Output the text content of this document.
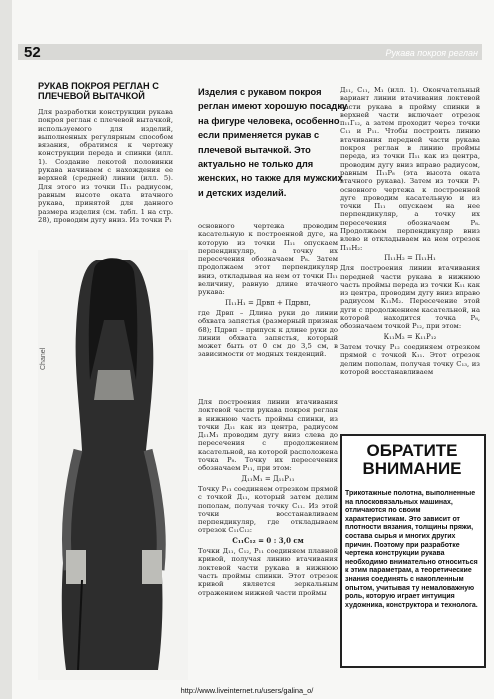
52	Рукава покроя реглан
РУКАВ ПОКРОЯ РЕГЛАН С ПЛЕЧЕВОЙ ВЫТАЧКОЙ	Изделия с рукавом покроя реглан имеют хорошую посадку на фигуре человека, особенно если применяется рукав с плечевой вытачкой. Это актуально не только для женских, но также для мужских и детских изделий.
Для разработки конструкции рукава покроя реглан с плечевой вытачкой, используемого для изделий, выполненных регулярным способом вязания, обратимся к чертежу конструкции переда и спинки (илл. 1). Создание лекотой половинки рукава начинаем с нахождения ее верхней (средней) линии (илл. 5). Для этого из точки П₁₁ радиусом, равным высоте оката втачного рукава, принятой для данного размера изделия (см. табл. 1 на стр. 28), проводим дугу вниз. Из точки Р₁
основного чертежа проводим касательную к построенной дуге, на которую из точки П₁₁ опускаем перпендикуляр, а точку их пересечения обозначаем Р₈. Затем продолжаем этот перпендикуляр вниз, откладывая на нем от точки П₁₁ величину, равную длине втачного рукава:

П₁₁Н₁ = Дрвп + Пдрвп,
где Дрвп – Длина руки до линии обхвата запястья (размерный признак 68); Пдрвп – припуск к длине руки до линии обхвата запястья, который может быть от 0 см до 3,5 см, в зависимости от модных тенденций.
Для построения линии втачивания локтевой части рукава покроя реглан в нижнюю часть проймы спинки, из точки Д₁₁ как из центра, радиусом Д₁₁М₁ проводим дугу вниз слева до пересечения с продолжением касательной, на которой расположена точка Р₈. Точку их пересечения обозначаем Р₁₁, при этом:

Д₁₁М₁ = Д₁₁Р₁₁
Точку Р₁₁ соединяем отрезком прямой с точкой Д₁₁, который затем делим пополам, получая точку С₁₁. Из этой точки восстанавливаем перпендикуляр, где откладываем отрезок С₁₁С₁₂:

С₁₁С₁₂ = 0 : 3,0 см
Точки Д₁₁, С₁₂, Р₁₁ соединяем плавной кривой, получая линию втачивания локтевой части рукава в нижнюю часть проймы спинки. Этот отрезок кривой является зеркальным отражением нижней части проймы
Д₁₁, С₁₁, М₁ (илл. 1). Окончательный вариант линии втачивания локтевой части рукава в пройму спинки в верхней части включает отрезок п₁₁Г₁₂, а затем проходит через точки С₁₁ и Р₁₁. Чтобы построить линию втачивания передней части рукава покроя реглан в линию проймы переда, из точки П₁₁ как из центра, проводим дугу вниз вправо радиусом, равным П₁₁Р₈ (эта высота оката втачного рукава). Затем из точки Р₁ основного чертежа к построенной дуге проводим касательную и из точки П₁₁ опускаем на нее перпендикуляр, а точку их пересечения обозначаем Р₈. Продолжаем перпендикуляр вниз влево и откладываем на нем отрезок П₁₁Н₂:

П₁₁Н₂ = П₁₁Н₁
Для построения линии втачивания передней части рукава в нижнюю часть проймы переда из точки К₁₁ как из центра, проводим дугу вниз вправо радиусом К₁₁М₂. Пересечение этой дуги с продолжением касательной, на которой находится точка Р₈, обозначаем точкой Р₁₂, при этом:

К₁₁М₂ = К₁₁Р₁₂
Затем точку Р₁₂ соединяем отрезком прямой с точкой К₁₁. Этот отрезок делим пополам, получая точку С₁₃, из которой восстанавливаем
Chanel
ОБРАТИТЕ ВНИМАНИЕ
Трикотажные полотна, выполненные на плосковязальных машинах, отличаются по своим характеристикам. Это зависит от плотности вязания, толщины пряжи, состава сырья и многих других причин. Поэтому при разработке чертежа конструкции рукава необходимо внимательно относиться к этим параметрам, а теоретические знания соединять с накопленным опытом, учитывая ту немаловажную роль, которую играет интуиция художника, конструктора и технолога.
http://www.liveinternet.ru/users/galina_o/
